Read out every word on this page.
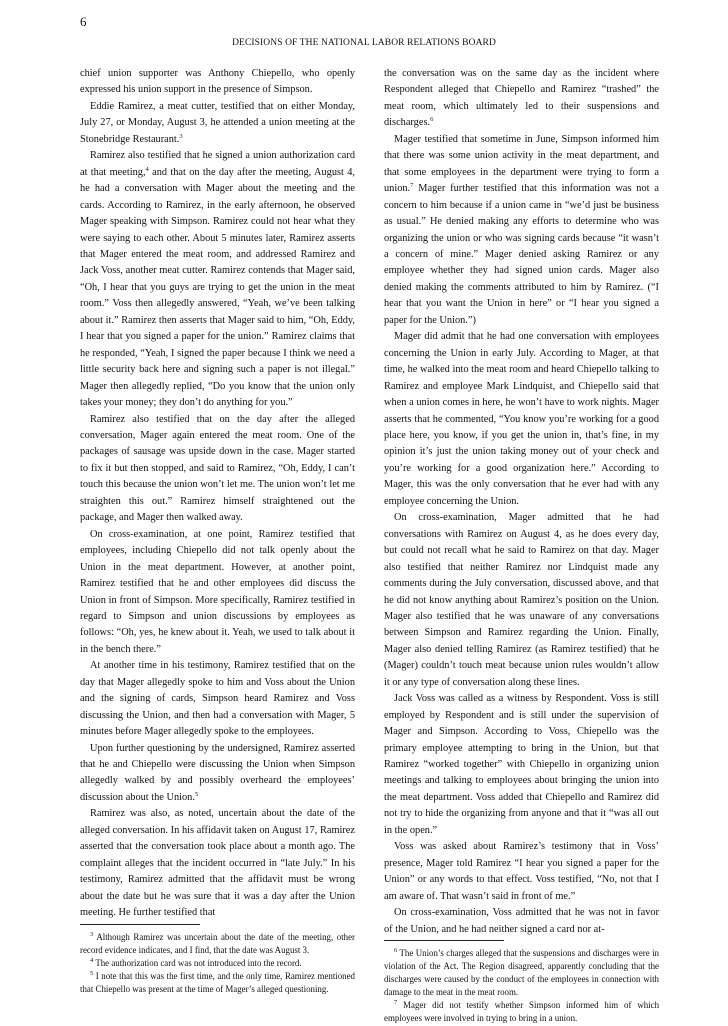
6
DECISIONS OF THE NATIONAL LABOR RELATIONS BOARD

chief union supporter was Anthony Chiepello, who openly expressed his union support in the presence of Simpson.

Eddie Ramirez, a meat cutter, testified that on either Monday, July 27, or Monday, August 3, he attended a union meeting at the Stonebridge Restaurant.$^3$

Ramirez also testified that he signed a union authorization card at that meeting,$^4$ and that on the day after the meeting, August 4, he had a conversation with Mager about the meeting and the cards. According to Ramirez, in the early afternoon, he observed Mager speaking with Simpson. Ramirez could not hear what they were saying to each other. About 5 minutes later, Ramirez asserts that Mager entered the meat room, and addressed Ramirez and Jack Voss, another meat cutter. Ramirez contends that Mager said, “Oh, I hear that you guys are trying to get the union in the meat room.” Voss then allegedly answered, “Yeah, we’ve been talking about it.” Ramirez then asserts that Mager said to him, “Oh, Eddy, I hear that you signed a paper for the union.” Ramirez claims that he responded, “Yeah, I signed the paper because I think we need a little security back here and signing such a paper is not illegal.” Mager then allegedly replied, “Do you know that the union only takes your money; they don’t do anything for you.”

Ramirez also testified that on the day after the alleged conversation, Mager again entered the meat room. One of the packages of sausage was upside down in the case. Mager started to fix it but then stopped, and said to Ramirez, “Oh, Eddy, I can’t touch this because the union won’t let me. The union won’t let me straighten this out.” Ramirez himself straightened out the package, and Mager then walked away.

On cross-examination, at one point, Ramirez testified that employees, including Chiepello did not talk openly about the Union in the meat department. However, at another point, Ramirez testified that he and other employees did discuss the Union in front of Simpson. More specifically, Ramirez testified in regard to Simpson and union discussions by employees as follows: “Oh, yes, he knew about it. Yeah, we used to talk about it in the bench there.”

At another time in his testimony, Ramirez testified that on the day that Mager allegedly spoke to him and Voss about the Union and the signing of cards, Simpson heard Ramirez and Voss discussing the Union, and then had a conversation with Mager, 5 minutes before Mager allegedly spoke to the employees.

Upon further questioning by the undersigned, Ramirez asserted that he and Chiepello were discussing the Union when Simpson allegedly walked by and possibly overheard the employees’ discussion about the Union.$^5$

Ramirez was also, as noted, uncertain about the date of the alleged conversation. In his affidavit taken on August 17, Ramirez asserted that the conversation took place about a month ago. The complaint alleges that the incident occurred in “late July.” In his testimony, Ramirez admitted that the affidavit must be wrong about the date but he was sure that it was a day after the Union meeting. He further testified that

$^3$ Although Ramirez was uncertain about the date of the meeting, other record evidence indicates, and I find, that the date was August 3.

$^4$ The authorization card was not introduced into the record.

$^5$ I note that this was the first time, and the only time, Ramirez mentioned that Chiepello was present at the time of Mager’s alleged questioning.

the conversation was on the same day as the incident where Respondent alleged that Chiepello and Ramirez “trashed” the meat room, which ultimately led to their suspensions and discharges.$^6$

Mager testified that sometime in June, Simpson informed him that there was some union activity in the meat department, and that some employees in the department were trying to form a union.$^7$ Mager further testified that this information was not a concern to him because if a union came in “we’d just be business as usual.” He denied making any efforts to determine who was organizing the union or who was signing cards because “it wasn’t a concern of mine.” Mager denied asking Ramirez or any employee whether they had signed union cards. Mager also denied making the comments attributed to him by Ramirez. (“I hear that you want the Union in here” or “I hear you signed a paper for the Union.”)

Mager did admit that he had one conversation with employees concerning the Union in early July. According to Mager, at that time, he walked into the meat room and heard Chiepello talking to Ramirez and employee Mark Lindquist, and Chiepello said that when a union comes in here, he won’t have to work nights. Mager asserts that he commented, “You know you’re working for a good place here, you know, if you get the union in, that’s fine, in my opinion it’s just the union taking money out of your check and you’re working for a good organization here.” According to Mager, this was the only conversation that he ever had with any employee concerning the Union.

On cross-examination, Mager admitted that he had conversations with Ramirez on August 4, as he does every day, but could not recall what he said to Ramirez on that day. Mager also testified that neither Ramirez nor Lindquist made any comments during the July conversation, discussed above, and that he did not know anything about Ramirez’s position on the Union. Mager also testified that he was unaware of any conversations between Simpson and Ramirez regarding the Union. Finally, Mager also denied telling Ramirez (as Ramirez testified) that he (Mager) couldn’t touch meat because union rules wouldn’t allow it or any type of conversation along these lines.

Jack Voss was called as a witness by Respondent. Voss is still employed by Respondent and is still under the supervision of Mager and Simpson. According to Voss, Chiepello was the primary employee attempting to bring in the Union, but that Ramirez “worked together” with Chiepello in organizing union meetings and talking to employees about bringing the union into the meat department. Voss added that Chiepello and Ramirez did not try to hide the organizing from anyone and that it “was all out in the open.”

Voss was asked about Ramirez’s testimony that in Voss’ presence, Mager told Ramirez “I hear you signed a paper for the Union” or any words to that effect. Voss testified, “No, not that I am aware of. That wasn’t said in front of me.”

On cross-examination, Voss admitted that he was not in favor of the Union, and he had neither signed a card nor at-

$^6$ The Union’s charges alleged that the suspensions and discharges were in violation of the Act. The Region disagreed, apparently concluding that the discharges were caused by the conduct of the employees in connection with damage to the meat in the meat room.

$^7$ Mager did not testify whether Simpson informed him of which employees were involved in trying to bring in a union.
